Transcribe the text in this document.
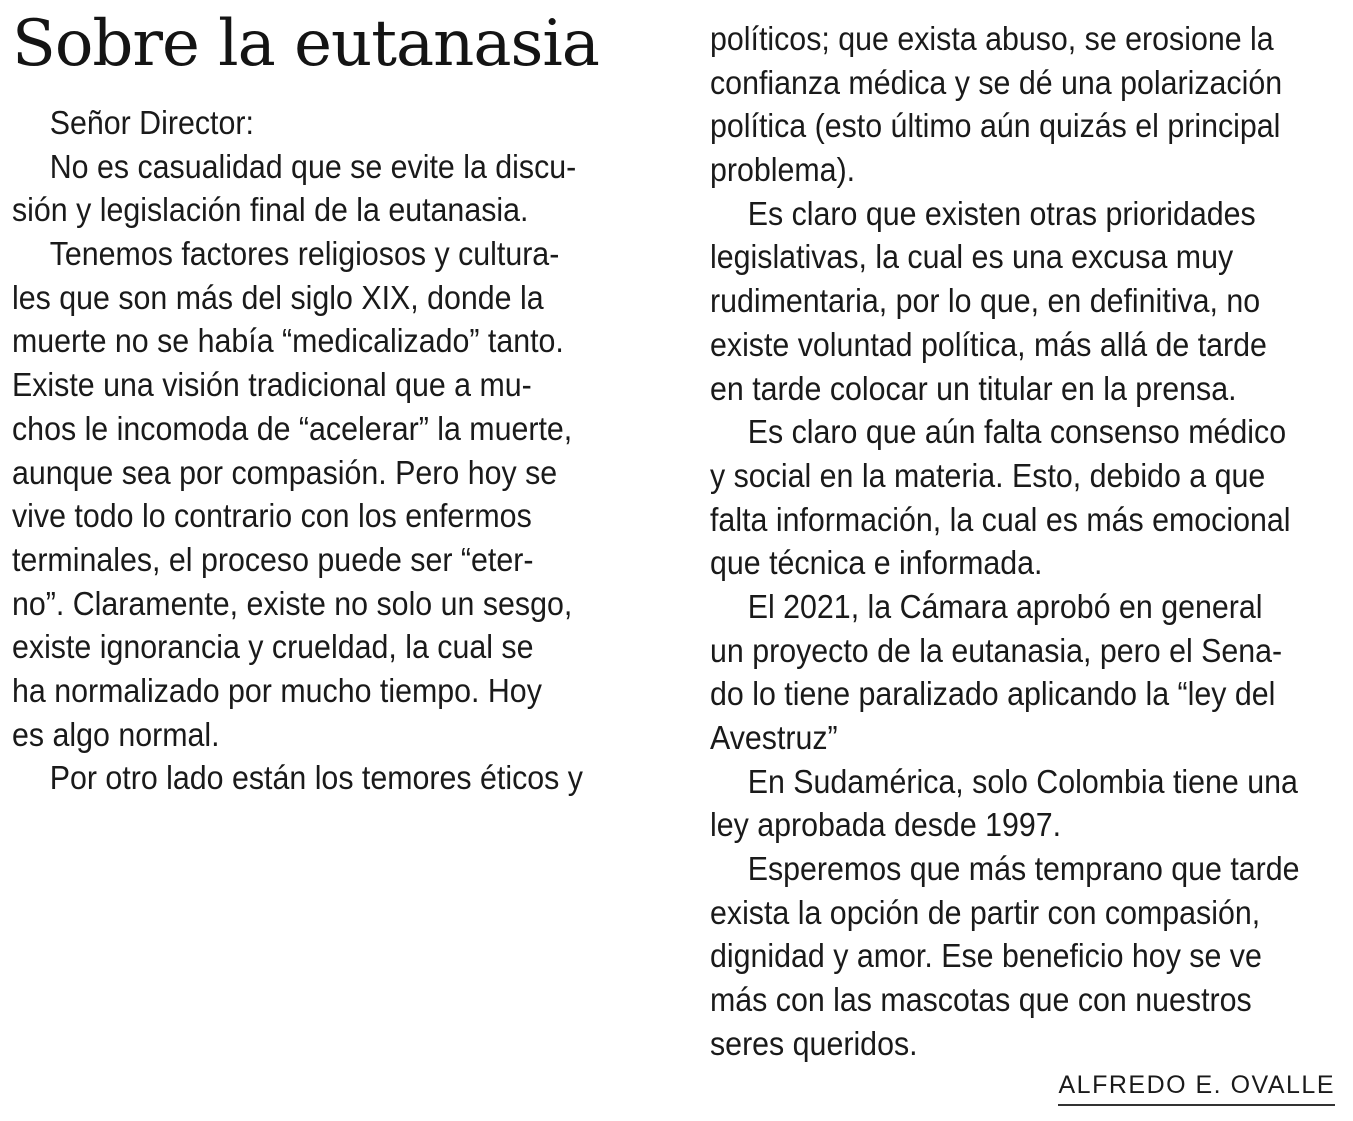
Sobre la eutanasia
Señor Director:
No es casualidad que se evite la discu-
sión y legislación final de la eutanasia.
Tenemos factores religiosos y cultura-
les que son más del siglo XIX, donde la
muerte no se había “medicalizado” tanto.
Existe una visión tradicional que a mu-
chos le incomoda de “acelerar” la muerte,
aunque sea por compasión. Pero hoy se
vive todo lo contrario con los enfermos
terminales, el proceso puede ser “eter-
no”. Claramente, existe no solo un sesgo,
existe ignorancia y crueldad, la cual se
ha normalizado por mucho tiempo. Hoy
es algo normal.
Por otro lado están los temores éticos y
políticos; que exista abuso, se erosione la
confianza médica y se dé una polarización
política (esto último aún quizás el principal
problema).
Es claro que existen otras prioridades
legislativas, la cual es una excusa muy
rudimentaria, por lo que, en definitiva, no
existe voluntad política, más allá de tarde
en tarde colocar un titular en la prensa.
Es claro que aún falta consenso médico
y social en la materia. Esto, debido a que
falta información, la cual es más emocional
que técnica e informada.
El 2021, la Cámara aprobó en general
un proyecto de la eutanasia, pero el Sena-
do lo tiene paralizado aplicando la “ley del
Avestruz”
En Sudamérica, solo Colombia tiene una
ley aprobada desde 1997.
Esperemos que más temprano que tarde
exista la opción de partir con compasión,
dignidad y amor. Ese beneficio hoy se ve
más con las mascotas que con nuestros
seres queridos.
ALFREDO E. OVALLE
